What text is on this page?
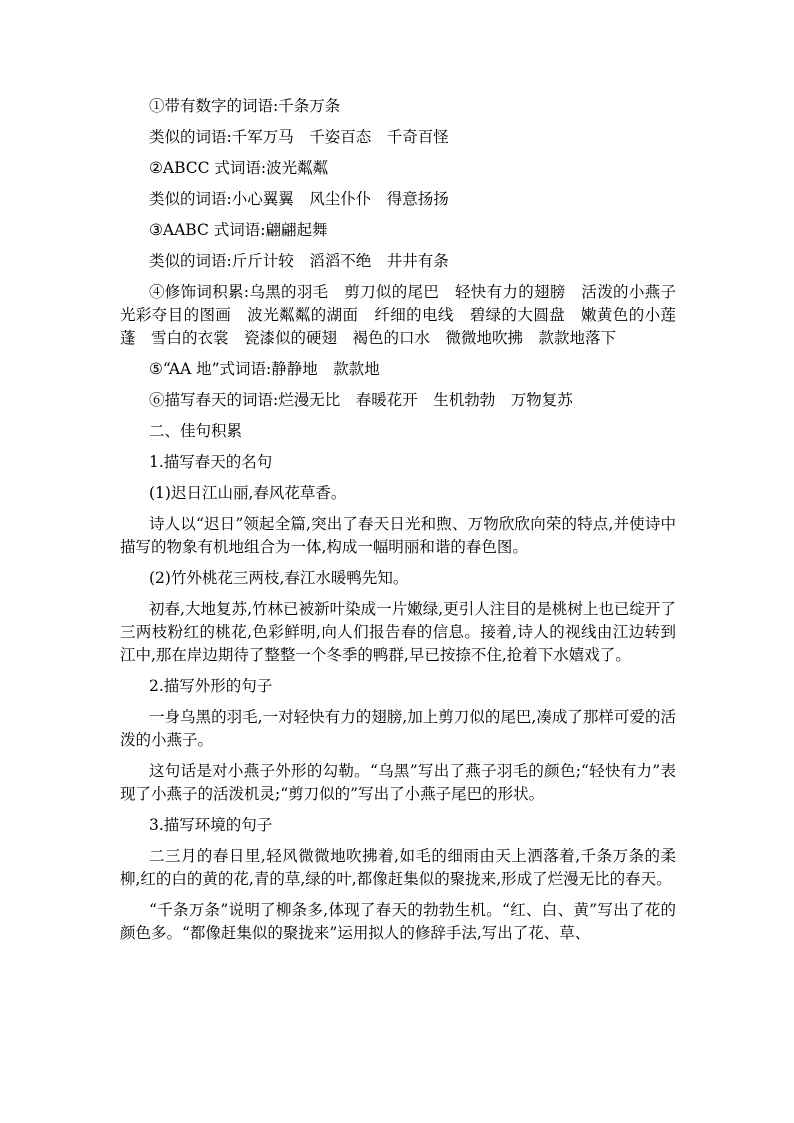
①带有数字的词语:千条万条

类似的词语:千军万马　千姿百态　千奇百怪

②ABCC 式词语:波光粼粼

类似的词语:小心翼翼　风尘仆仆　得意扬扬

③AABC 式词语:翩翩起舞

类似的词语:斤斤计较　滔滔不绝　井井有条

④修饰词积累:乌黑的羽毛　剪刀似的尾巴　轻快有力的翅膀　活泼的小燕子　光彩夺目的图画　波光粼粼的湖面　纤细的电线　碧绿的大圆盘　嫩黄色的小莲蓬　雪白的衣裳　瓷漆似的硬翅　褐色的口水　微微地吹拂　款款地落下

⑤“AA 地”式词语:静静地　款款地

⑥描写春天的词语:烂漫无比　春暖花开　生机勃勃　万物复苏

二、佳句积累

1.描写春天的名句

(1)迟日江山丽,春风花草香。

诗人以“迟日”领起全篇,突出了春天日光和煦、万物欣欣向荣的特点,并使诗中描写的物象有机地组合为一体,构成一幅明丽和谐的春色图。

(2)竹外桃花三两枝,春江水暖鸭先知。

初春,大地复苏,竹林已被新叶染成一片嫩绿,更引人注目的是桃树上也已绽开了三两枝粉红的桃花,色彩鲜明,向人们报告春的信息。接着,诗人的视线由江边转到江中,那在岸边期待了整整一个冬季的鸭群,早已按捺不住,抢着下水嬉戏了。

2.描写外形的句子

一身乌黑的羽毛,一对轻快有力的翅膀,加上剪刀似的尾巴,凑成了那样可爱的活泼的小燕子。

这句话是对小燕子外形的勾勒。“乌黑”写出了燕子羽毛的颜色;“轻快有力”表现了小燕子的活泼机灵;“剪刀似的”写出了小燕子尾巴的形状。

3.描写环境的句子

二三月的春日里,轻风微微地吹拂着,如毛的细雨由天上洒落着,千条万条的柔柳,红的白的黄的花,青的草,绿的叶,都像赶集似的聚拢来,形成了烂漫无比的春天。

“千条万条”说明了柳条多,体现了春天的勃勃生机。“红、白、黄”写出了花的颜色多。“都像赶集似的聚拢来”运用拟人的修辞手法,写出了花、草、
